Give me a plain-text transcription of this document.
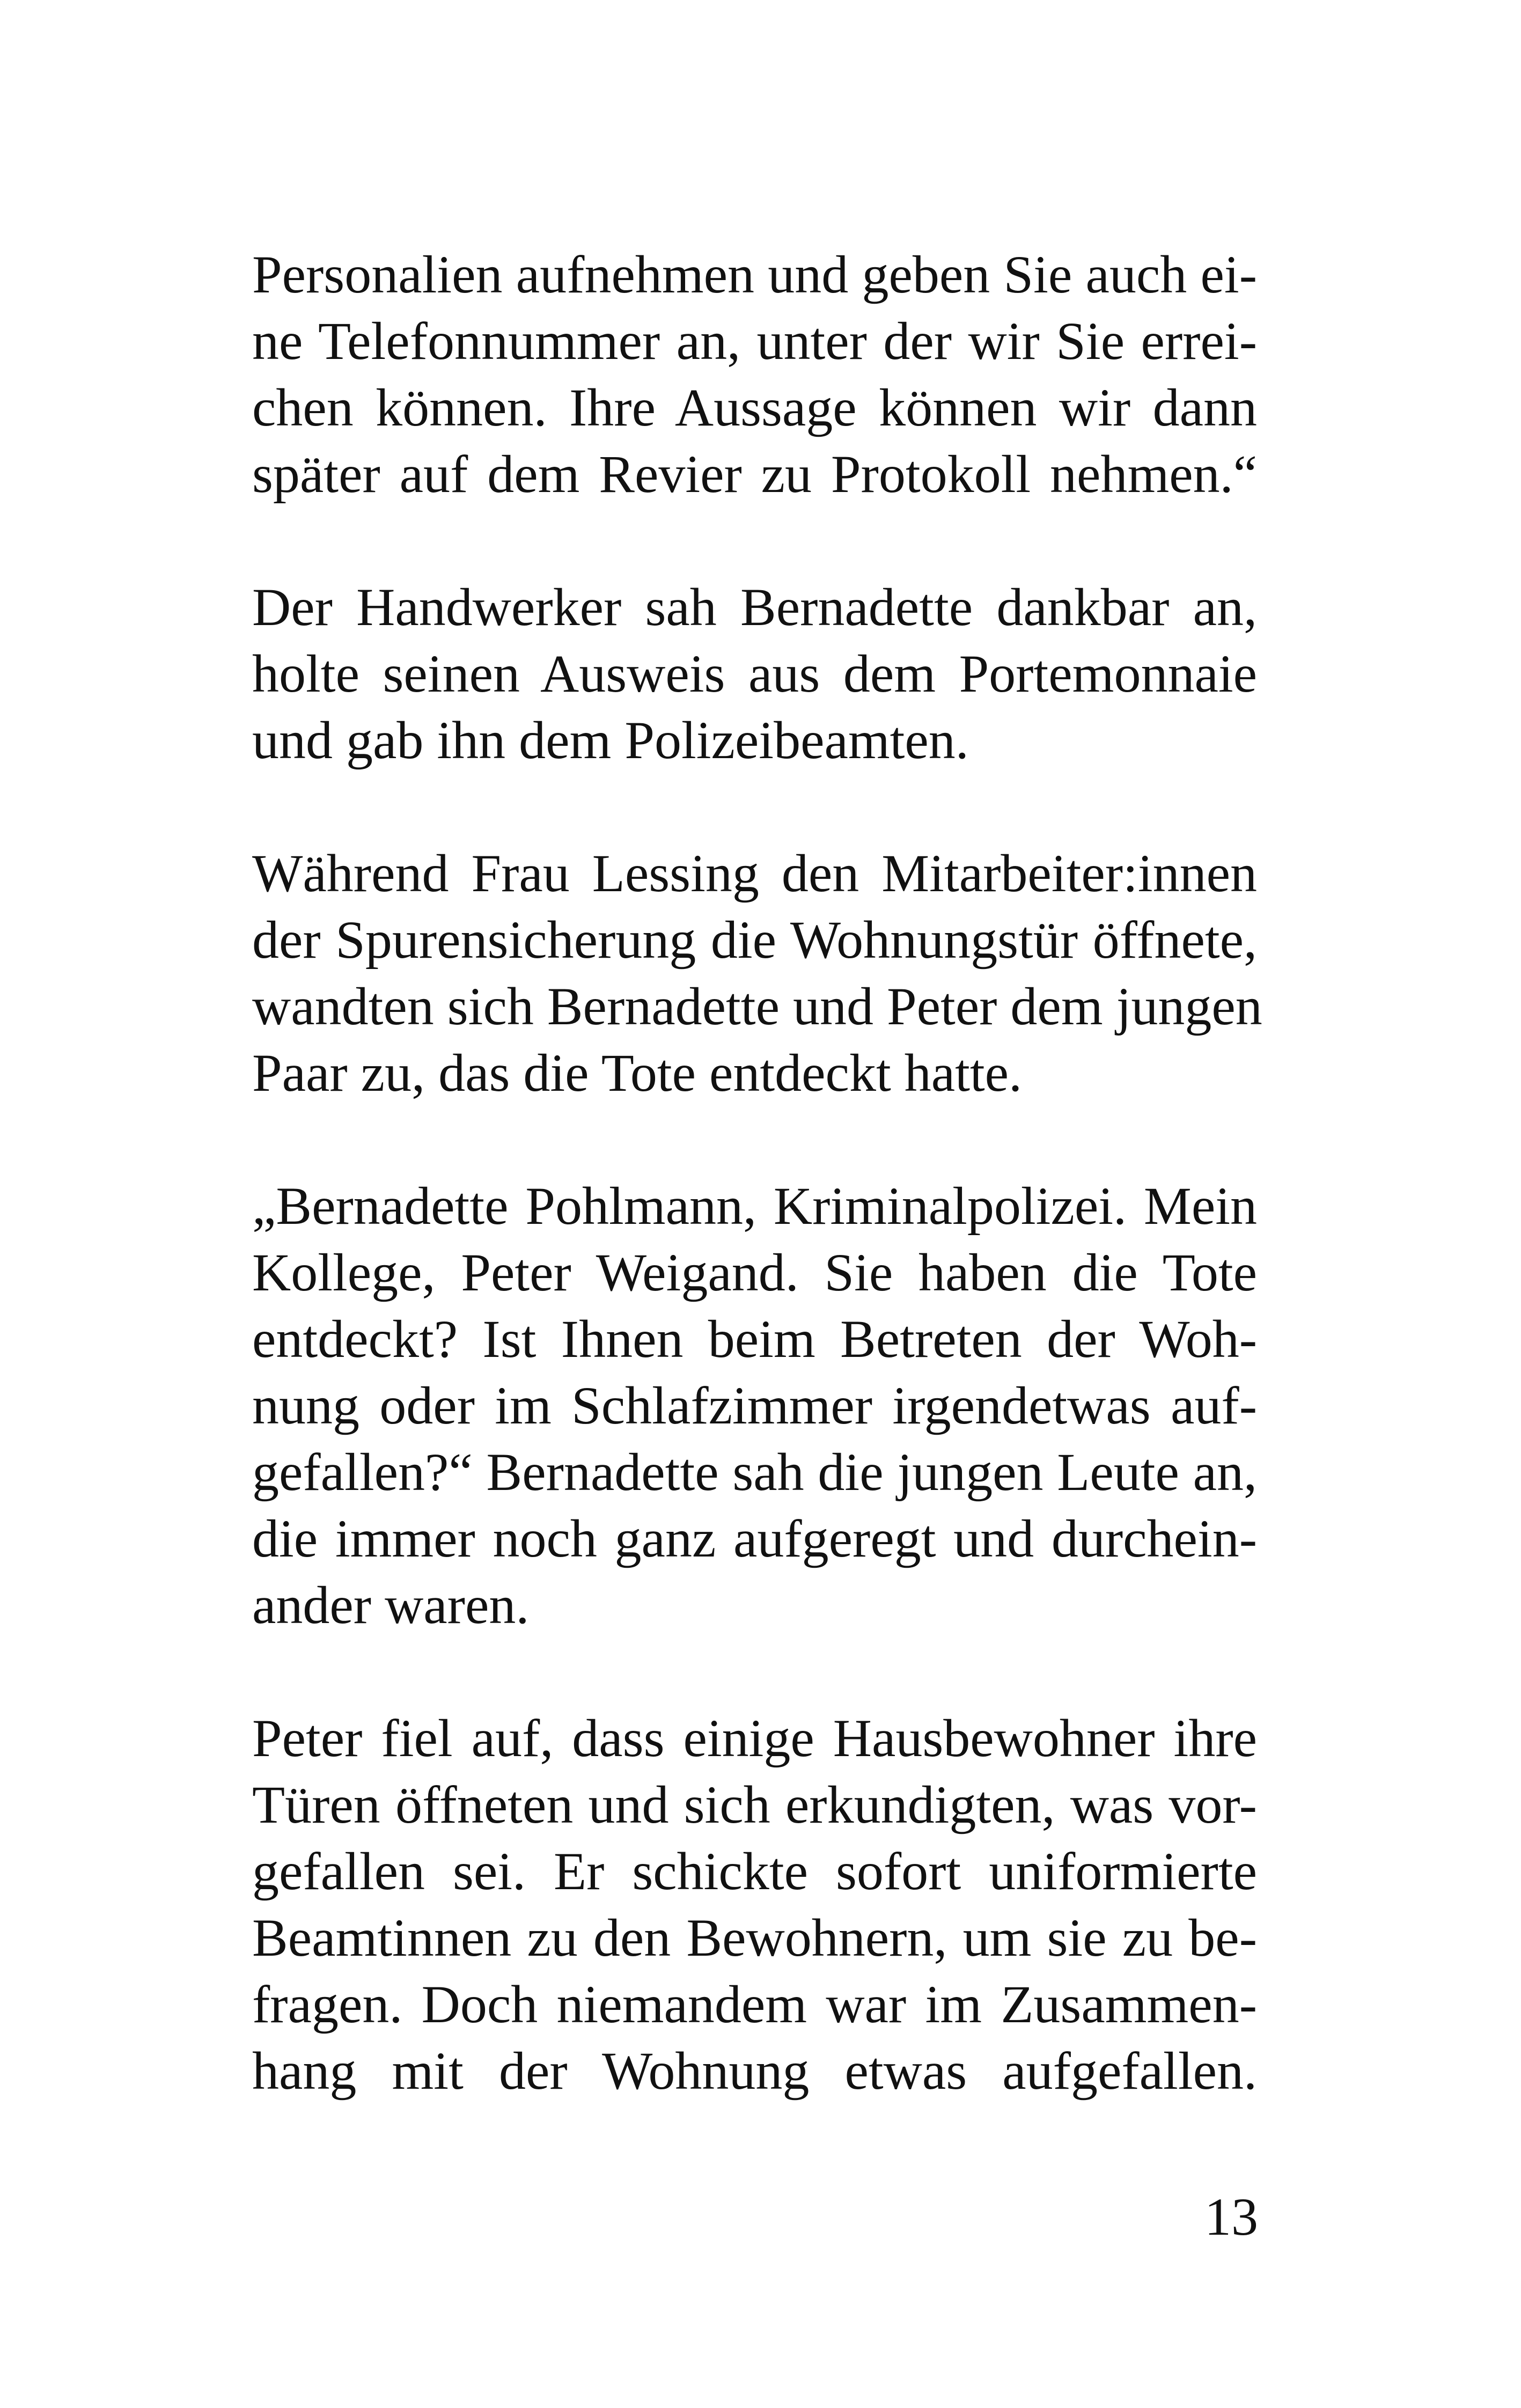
Personalien aufnehmen und geben Sie auch ei-
ne Telefonnummer an, unter der wir Sie errei-
chen können. Ihre Aussage können wir dann
später auf dem Revier zu Protokoll nehmen.“
Der Handwerker sah Bernadette dankbar an,
holte seinen Ausweis aus dem Portemonnaie
und gab ihn dem Polizeibeamten.
Während Frau Lessing den Mitarbeiter:innen
der Spurensicherung die Wohnungstür öffnete,
wandten sich Bernadette und Peter dem jungen
Paar zu, das die Tote entdeckt hatte.
„Bernadette Pohlmann, Kriminalpolizei. Mein
Kollege, Peter Weigand. Sie haben die Tote
entdeckt? Ist Ihnen beim Betreten der Woh-
nung oder im Schlafzimmer irgendetwas auf-
gefallen?“ Bernadette sah die jungen Leute an,
die immer noch ganz aufgeregt und durchein-
ander waren.
Peter fiel auf, dass einige Hausbewohner ihre
Türen öffneten und sich erkundigten, was vor-
gefallen sei. Er schickte sofort uniformierte
Beamtinnen zu den Bewohnern, um sie zu be-
fragen. Doch niemandem war im Zusammen-
hang mit der Wohnung etwas aufgefallen.
13
